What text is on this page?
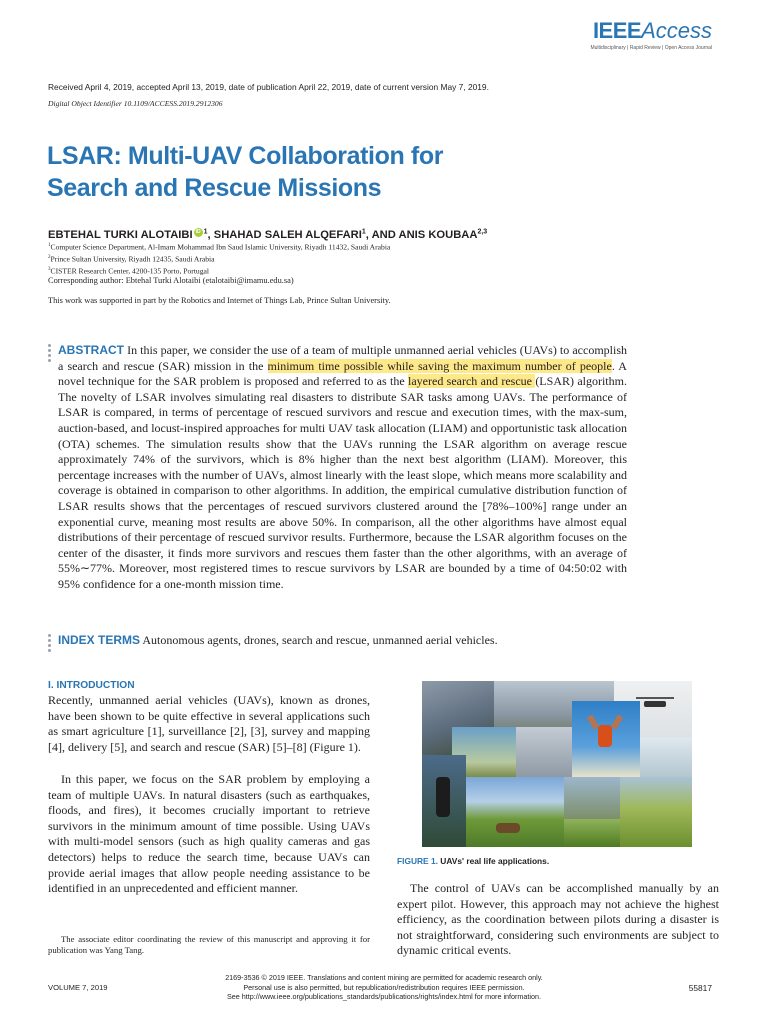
IEEEAccess
Multidisciplinary | Rapid Review | Open Access Journal
Received April 4, 2019, accepted April 13, 2019, date of publication April 22, 2019, date of current version May 7, 2019.
Digital Object Identifier 10.1109/ACCESS.2019.2912306
LSAR: Multi-UAV Collaboration for
Search and Rescue Missions
EBTEHAL TURKI ALOTAIBI iD $^1$, SHAHAD SALEH ALQEFARI$^1$, AND ANIS KOUBAA$^{2,3}$
$^1$Computer Science Department, Al-Imam Mohammad Ibn Saud Islamic University, Riyadh 11432, Saudi Arabia
$^2$Prince Sultan University, Riyadh 12435, Saudi Arabia
$^3$CISTER Research Center, 4200-135 Porto, Portugal
Corresponding author: Ebtehal Turki Alotaibi (etalotaibi@imamu.edu.sa)
This work was supported in part by the Robotics and Internet of Things Lab, Prince Sultan University.
ABSTRACT In this paper, we consider the use of a team of multiple unmanned aerial vehicles (UAVs) to accomplish a search and rescue (SAR) mission in the minimum time possible while saving the maximum number of people. A novel technique for the SAR problem is proposed and referred to as the layered search and rescue (LSAR) algorithm. The novelty of LSAR involves simulating real disasters to distribute SAR tasks among UAVs. The performance of LSAR is compared, in terms of percentage of rescued survivors and rescue and execution times, with the max-sum, auction-based, and locust-inspired approaches for multi UAV task allocation (LIAM) and opportunistic task allocation (OTA) schemes. The simulation results show that the UAVs running the LSAR algorithm on average rescue approximately 74% of the survivors, which is 8% higher than the next best algorithm (LIAM). Moreover, this percentage increases with the number of UAVs, almost linearly with the least slope, which means more scalability and coverage is obtained in comparison to other algorithms. In addition, the empirical cumulative distribution function of LSAR results shows that the percentages of rescued survivors clustered around the [78%–100%] range under an exponential curve, meaning most results are above 50%. In comparison, all the other algorithms have almost equal distributions of their percentage of rescued survivor results. Furthermore, because the LSAR algorithm focuses on the center of the disaster, it finds more survivors and rescues them faster than the other algorithms, with an average of 55%∼77%. Moreover, most registered times to rescue survivors by LSAR are bounded by a time of 04:50:02 with 95% confidence for a one-month mission time.
INDEX TERMS Autonomous agents, drones, search and rescue, unmanned aerial vehicles.
I. INTRODUCTION
Recently, unmanned aerial vehicles (UAVs), known as drones, have been shown to be quite effective in several applications such as smart agriculture [1], surveillance [2], [3], survey and mapping [4], delivery [5], and search and rescue (SAR) [5]–[8] (Figure 1).
In this paper, we focus on the SAR problem by employing a team of multiple UAVs. In natural disasters (such as earthquakes, floods, and fires), it becomes crucially important to retrieve survivors in the minimum amount of time possible. Using UAVs with multi-model sensors (such as high quality cameras and gas detectors) helps to reduce the search time, because UAVs can provide aerial images that allow people needing assistance to be identified in an unprecedented and efficient manner.
The associate editor coordinating the review of this manuscript and approving it for publication was Yang Tang.
FIGURE 1. UAVs' real life applications.
The control of UAVs can be accomplished manually by an expert pilot. However, this approach may not achieve the highest efficiency, as the coordination between pilots during a disaster is not straightforward, considering such environments are subject to dynamic critical events.
VOLUME 7, 2019
2169-3536 © 2019 IEEE. Translations and content mining are permitted for academic research only.
Personal use is also permitted, but republication/redistribution requires IEEE permission.
See http://www.ieee.org/publications_standards/publications/rights/index.html for more information.
55817
